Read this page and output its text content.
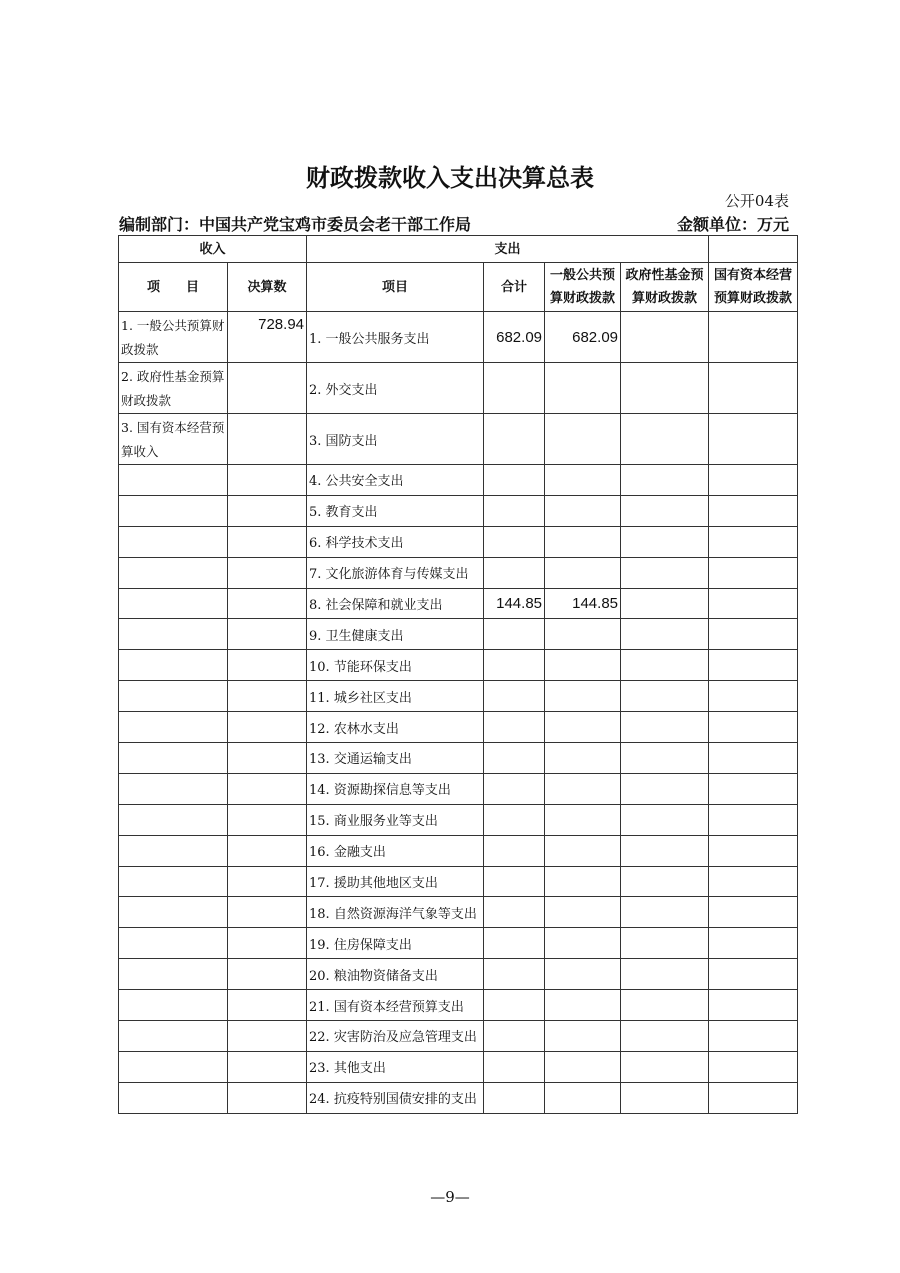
财政拨款收入支出决算总表
公开04表
编制部门：中国共产党宝鸡市委员会老干部工作局	金额单位：万元
收入		支出				
项　　目	决算数	项目	合计	一般公共预算财政拨款	政府性基金预算财政拨款	国有资本经营预算财政拨款
1. 一般公共预算财政拨款	728.94	1. 一般公共服务支出	682.09	682.09		
2. 政府性基金预算财政拨款		2. 外交支出				
3. 国有资本经营预算收入		3. 国防支出				
		4. 公共安全支出				
		5. 教育支出				
		6. 科学技术支出				
		7. 文化旅游体育与传媒支出				
		8. 社会保障和就业支出	144.85	144.85		
		9. 卫生健康支出				
		10. 节能环保支出				
		11. 城乡社区支出				
		12. 农林水支出				
		13. 交通运输支出				
		14. 资源勘探信息等支出				
		15. 商业服务业等支出				
		16. 金融支出				
		17. 援助其他地区支出				
		18. 自然资源海洋气象等支出				
		19. 住房保障支出				
		20. 粮油物资储备支出				
		21. 国有资本经营预算支出				
		22. 灾害防治及应急管理支出				
		23. 其他支出				
		24. 抗疫特别国债安排的支出				
—9—
